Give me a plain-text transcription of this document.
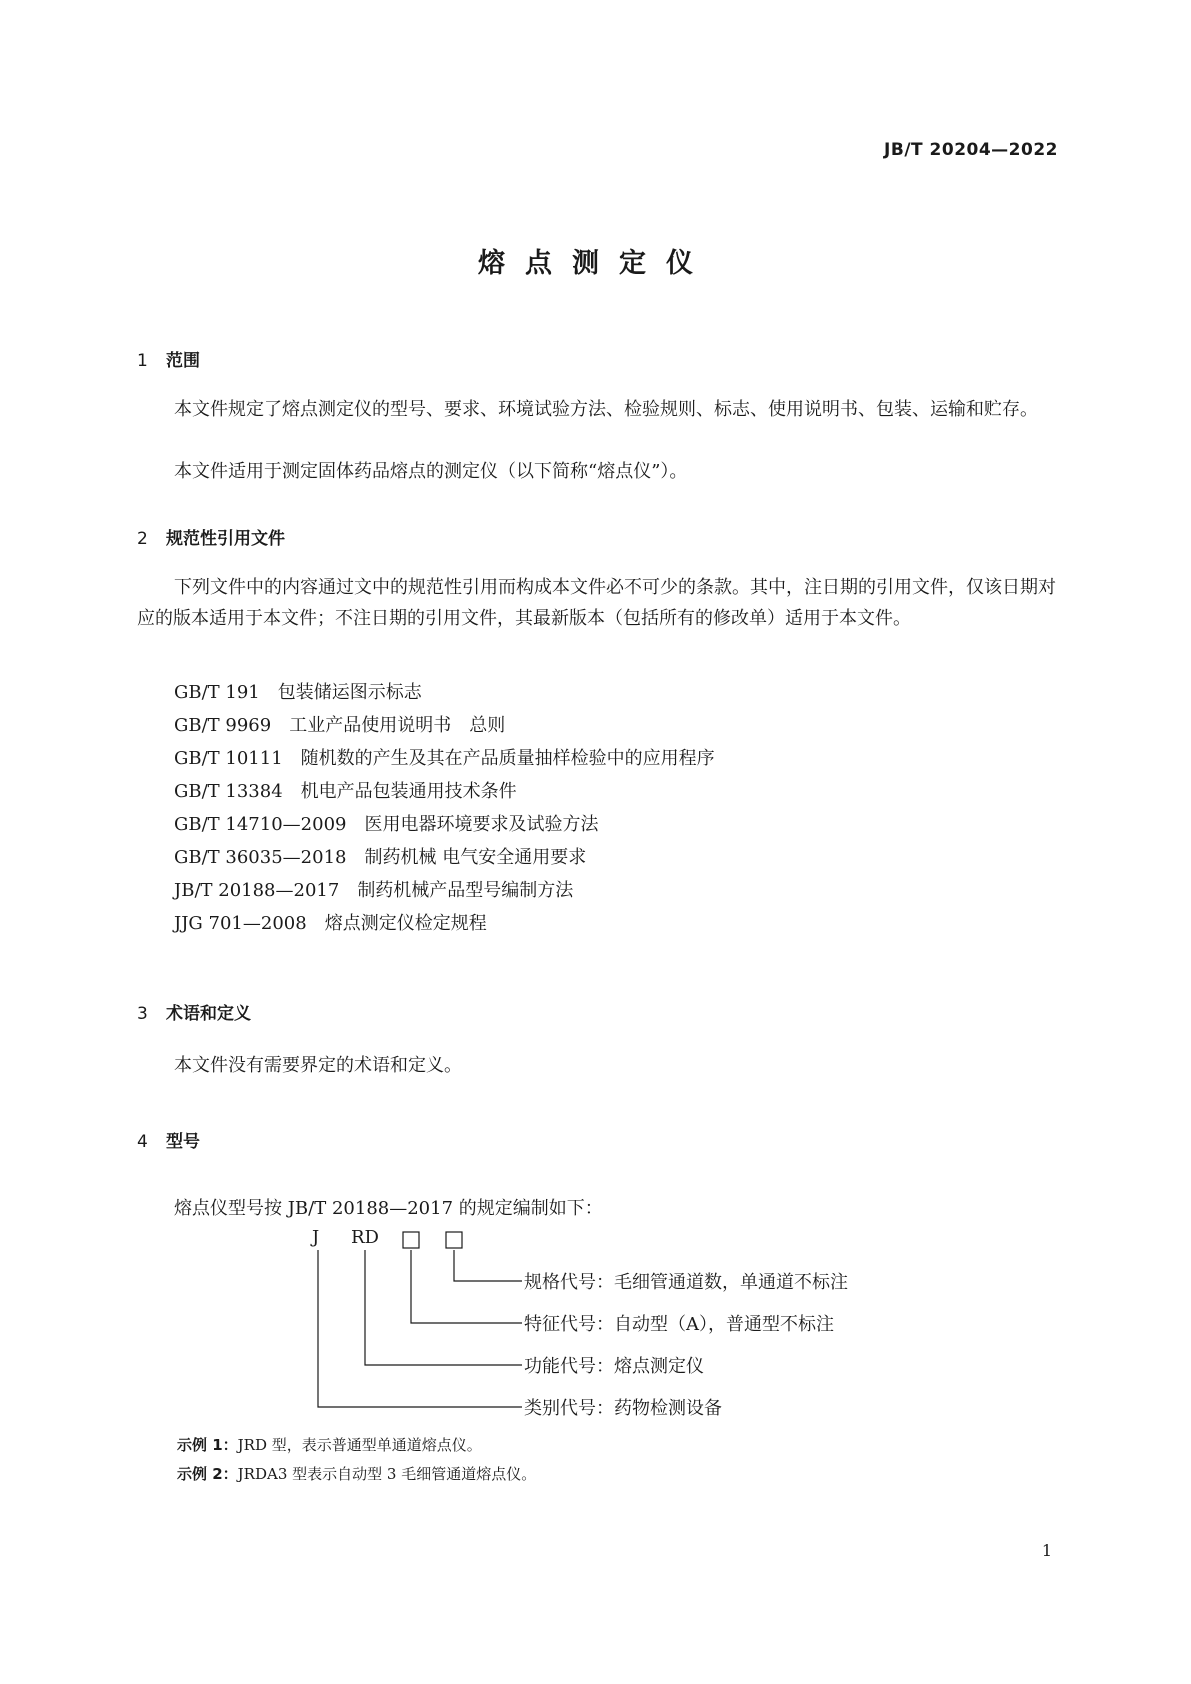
JB/T 20204—2022
熔点测定仪
1 范围

本文件规定了熔点测定仪的型号、要求、环境试验方法、检验规则、标志、使用说明书、包装、运输和贮存。

本文件适用于测定固体药品熔点的测定仪（以下简称“熔点仪”）。

2 规范性引用文件

下列文件中的内容通过文中的规范性引用而构成本文件必不可少的条款。其中，注日期的引用文件，仅该日期对应的版本适用于本文件；不注日期的引用文件，其最新版本（包括所有的修改单）适用于本文件。

GB/T 191 包装储运图示标志
GB/T 9969 工业产品使用说明书　总则
GB/T 10111 随机数的产生及其在产品质量抽样检验中的应用程序
GB/T 13384 机电产品包装通用技术条件
GB/T 14710—2009 医用电器环境要求及试验方法
GB/T 36035—2018 制药机械 电气安全通用要求
JB/T 20188—2017 制药机械产品型号编制方法
JJG 701—2008 熔点测定仪检定规程
3 术语和定义

本文件没有需要界定的术语和定义。

4 型号
熔点仪型号按 JB/T 20188—2017 的规定编制如下：
J RD
规格代号：毛细管通道数，单通道不标注
特征代号：自动型（A），普通型不标注
功能代号：熔点测定仪
类别代号：药物检测设备
示例 1：JRD 型，表示普通型单通道熔点仪。
示例 2：JRDA3 型表示自动型 3 毛细管通道熔点仪。
1
